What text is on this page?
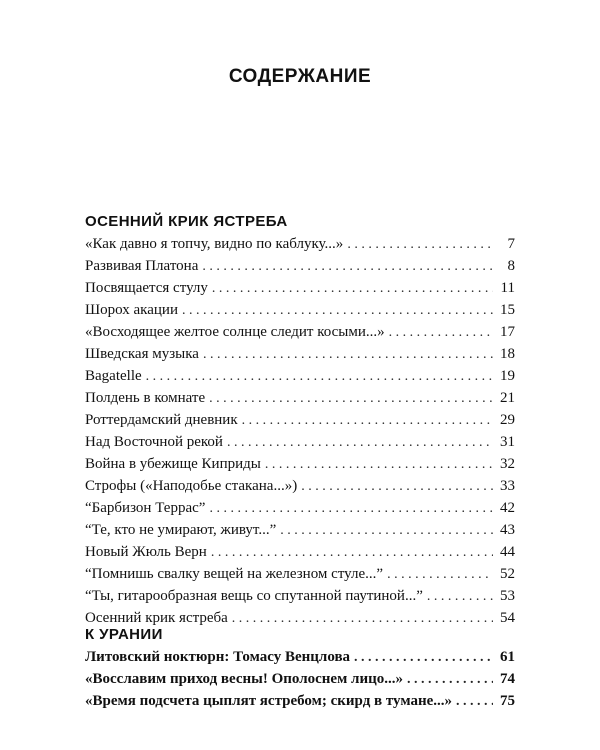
СОДЕРЖАНИЕ
ОСЕННИЙ КРИК ЯСТРЕБА
«Как давно я топчу, видно по каблуку...» . . .	7
Развивая Платона . . .	8
Посвящается стулу . . .	11
Шорох акации . . .	15
«Восходящее желтое солнце следит косыми...» . . .	17
Шведская музыка . . .	18
Bagatelle . . .	19
Полдень в комнате . . .	21
Роттердамский дневник . . .	29
Над Восточной рекой . . .	31
Война в убежище Киприды . . .	32
Строфы («Наподобье стакана...») . . .	33
“Барбизон Террас” . . .	42
“Те, кто не умирают, живут...” . . .	43
Новый Жюль Верн . . .	44
“Помнишь свалку вещей на железном стуле...” . . .	52
“Ты, гитарообразная вещь со спутанной паутиной...” . . .	53
Осенний крик ястреба . . .	54
К УРАНИИ
Литовский ноктюрн: Томасу Венцлова . . .	61
«Восславим приход весны! Ополоснем лицо...» . . .	74
«Время подсчета цыплят ястребом; скирд в тумане...» . . .	75
